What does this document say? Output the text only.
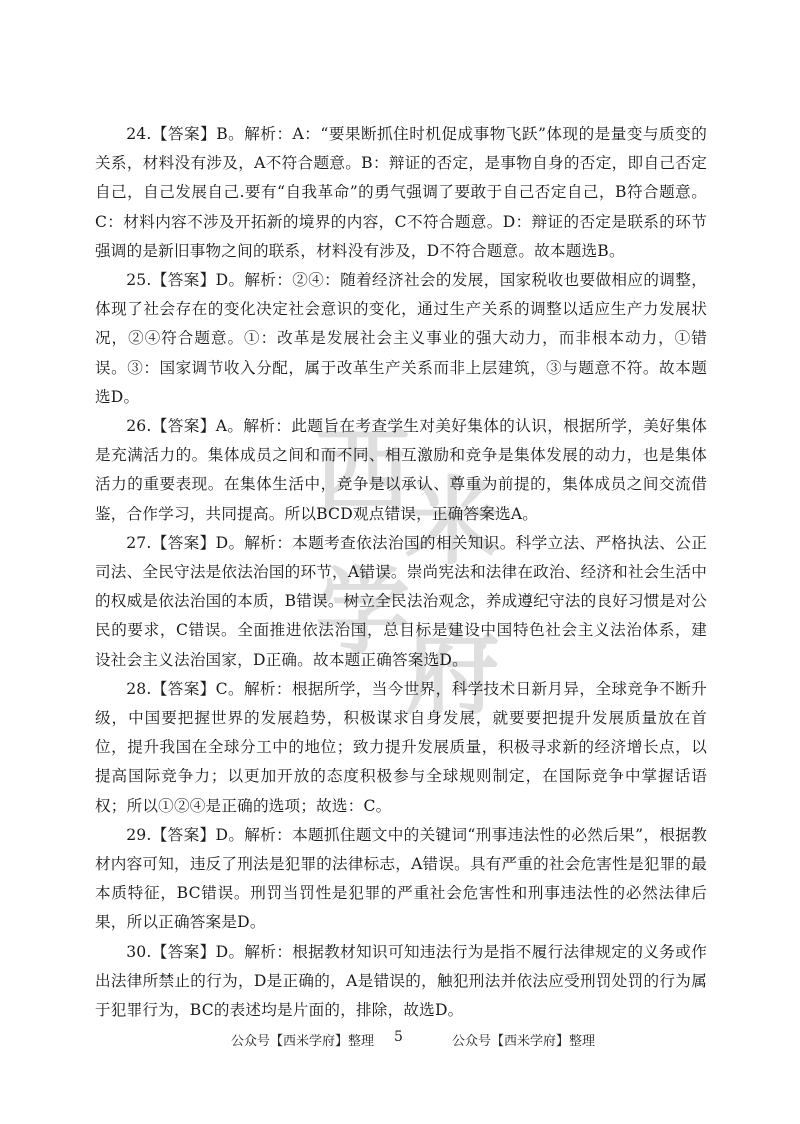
西
米
学
府

24.【答案】B。解析：A：“要果断抓住时机促成事物飞跃”体现的是量变与质变的关系，材料没有涉及，A不符合题意。B：辩证的否定，是事物自身的否定，即自己否定自己，自己发展自己.要有“自我革命”的勇气强调了要敢于自己否定自己，B符合题意。C：材料内容不涉及开拓新的境界的内容，C不符合题意。D：辩证的否定是联系的环节强调的是新旧事物之间的联系，材料没有涉及，D不符合题意。故本题选B。

25.【答案】D。解析：②④：随着经济社会的发展，国家税收也要做相应的调整，体现了社会存在的变化决定社会意识的变化，通过生产关系的调整以适应生产力发展状况，②④符合题意。①：改革是发展社会主义事业的强大动力，而非根本动力，①错误。③：国家调节收入分配，属于改革生产关系而非上层建筑，③与题意不符。故本题选D。

26.【答案】A。解析：此题旨在考查学生对美好集体的认识，根据所学，美好集体是充满活力的。集体成员之间和而不同、相互激励和竞争是集体发展的动力，也是集体活力的重要表现。在集体生活中，竞争是以承认、尊重为前提的，集体成员之间交流借鉴，合作学习，共同提高。所以BCD观点错误，正确答案选A。

27.【答案】D。解析：本题考查依法治国的相关知识。科学立法、严格执法、公正司法、全民守法是依法治国的环节，A错误。崇尚宪法和法律在政治、经济和社会生活中的权威是依法治国的本质，B错误。树立全民法治观念，养成遵纪守法的良好习惯是对公民的要求，C错误。全面推进依法治国，总目标是建设中国特色社会主义法治体系，建设社会主义法治国家，D正确。故本题正确答案选D。

28.【答案】C。解析：根据所学，当今世界，科学技术日新月异，全球竞争不断升级，中国要把握世界的发展趋势，积极谋求自身发展，就要要把提升发展质量放在首位，提升我国在全球分工中的地位；致力提升发展质量，积极寻求新的经济增长点，以提高国际竞争力；以更加开放的态度积极参与全球规则制定，在国际竞争中掌握话语权；所以①②④是正确的选项；故选：C。

29.【答案】D。解析：本题抓住题文中的关键词“刑事违法性的必然后果”，根据教材内容可知，违反了刑法是犯罪的法律标志，A错误。具有严重的社会危害性是犯罪的最本质特征，BC错误。刑罚当罚性是犯罪的严重社会危害性和刑事违法性的必然法律后果，所以正确答案是D。

30.【答案】D。解析：根据教材知识可知违法行为是指不履行法律规定的义务或作出法律所禁止的行为，D是正确的，A是错误的，触犯刑法并依法应受刑罚处罚的行为属于犯罪行为，BC的表述均是片面的，排除，故选D。

公众号【西米学府】整理 5	公众号【西米学府】整理
